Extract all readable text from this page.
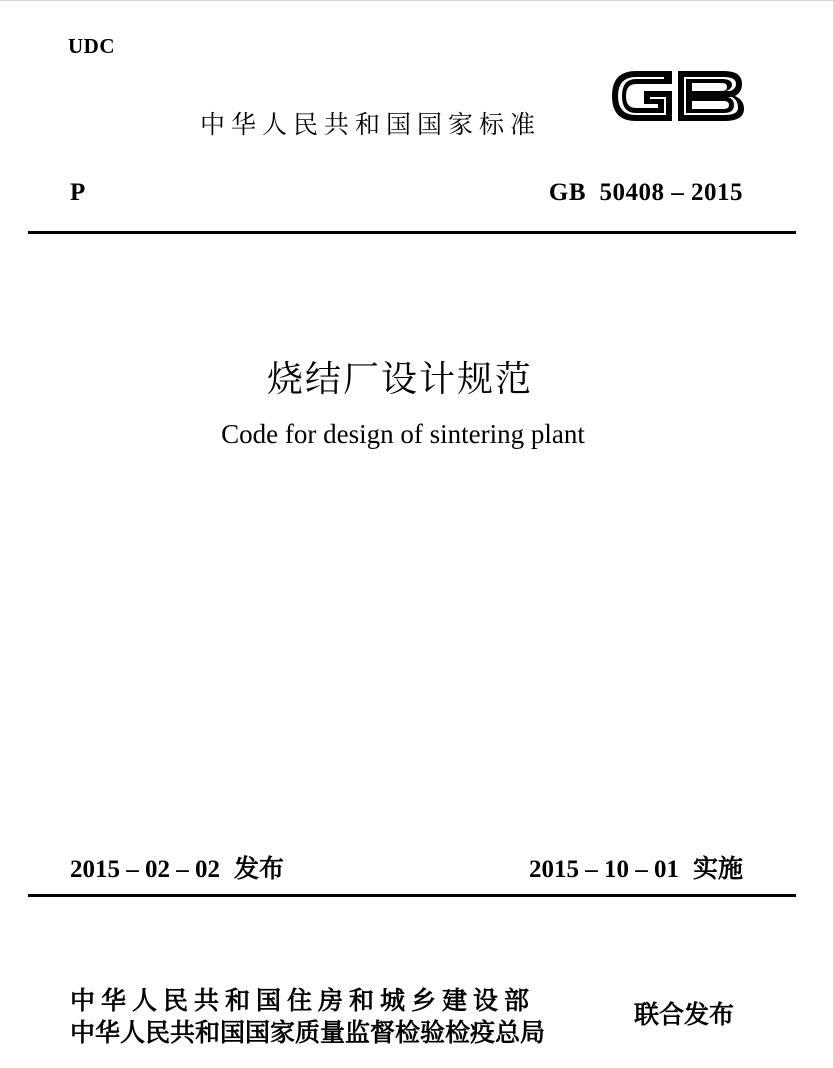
UDC
中华人民共和国国家标准
P	GB  50408 – 2015
烧结厂设计规范
Code for design of sintering plant
2015 – 02 – 02 发布	2015 – 10 – 01 实施
中华人民共和国住房和城乡建设部
中华人民共和国国家质量监督检验检疫总局
联合发布
